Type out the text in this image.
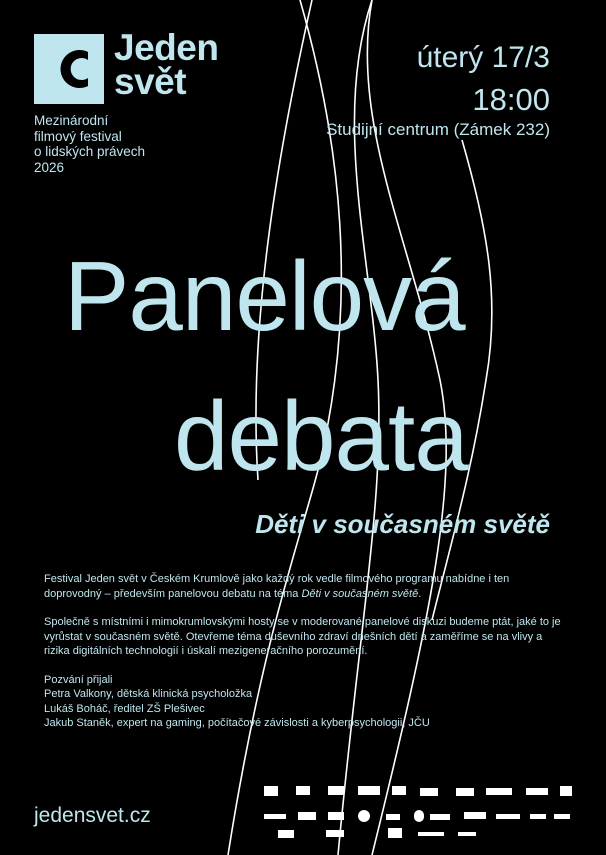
Jeden
svět
Mezinárodní
filmový festival
o lidských právech
2026
úterý 17/3
18:00
Studijní centrum (Zámek 232)
Panelová
debata
Děti v současném světě

Festival Jeden svět v Českém Krumlově jako každý rok vedle filmového programu nabídne i ten doprovodný – především panelovou debatu na téma Děti v současném světě.

Společně s místními i mimokrumlovskými hosty se v moderované panelové diskuzi budeme ptát, jaké to je vyrůstat v současném světě. Otevřeme téma duševního zdraví dnešních dětí a zaměříme se na vlivy a rizika digitálních technologií i úskalí mezigeneračního porozumění.

Pozvání přijali

Petra Valkony, dětská klinická psycholožka

Lukáš Boháč, ředitel ZŠ Plešivec

Jakub Staněk, expert na gaming, počítačové závislosti a kyberpsychologii, JČU

jedensvet.cz
